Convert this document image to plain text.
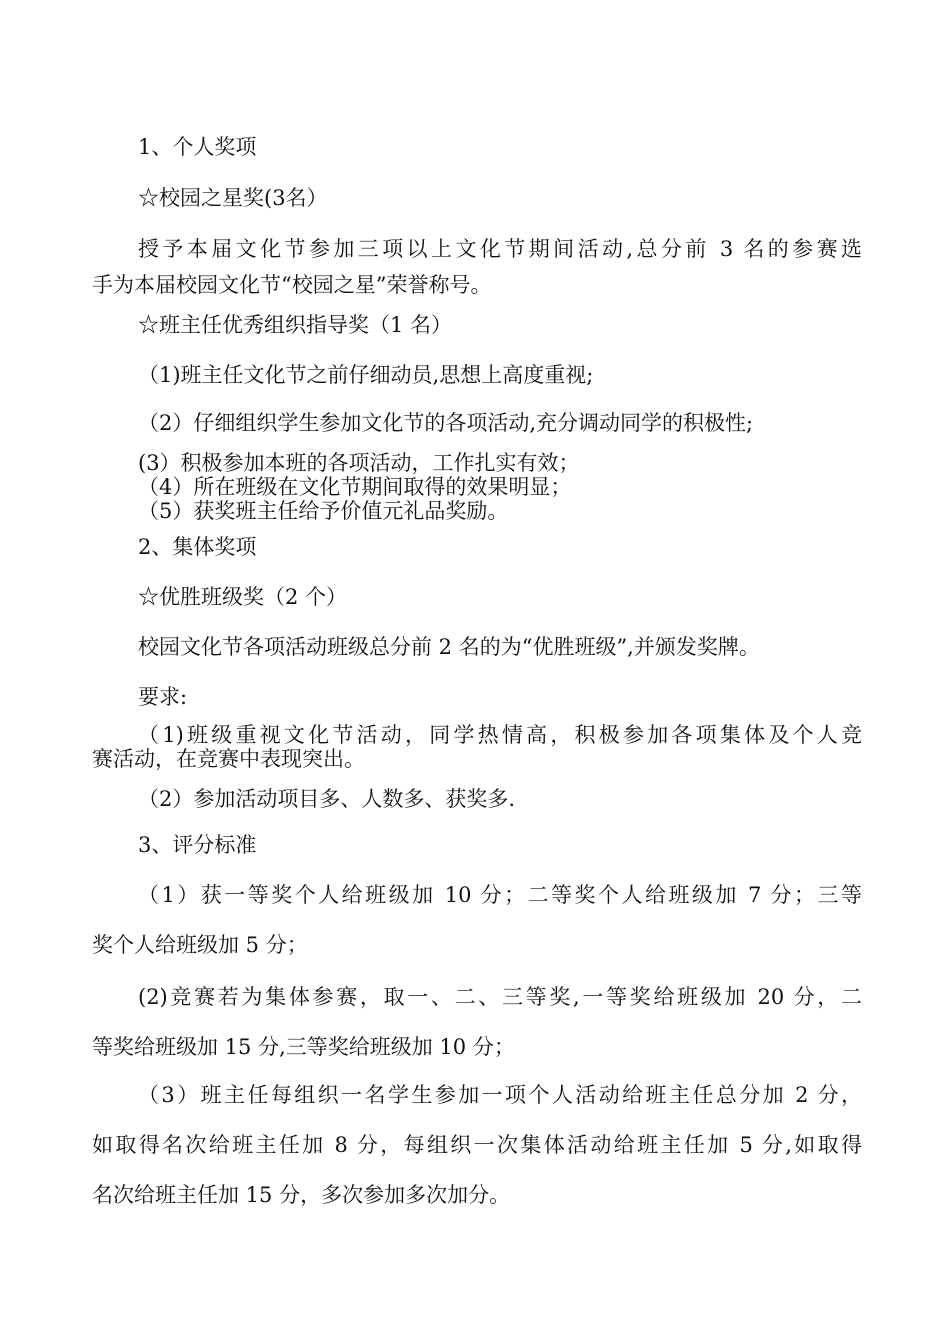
1、个人奖项
☆校园之星奖(3名）
授予本届文化节参加三项以上文化节期间活动,总分前 3 名的参赛选
手为本届校园文化节“校园之星”荣誉称号。
☆班主任优秀组织指导奖（1 名）
（1)班主任文化节之前仔细动员,思想上高度重视;
（2）仔细组织学生参加文化节的各项活动,充分调动同学的积极性;
(3）积极参加本班的各项活动，工作扎实有效；
（4）所在班级在文化节期间取得的效果明显；
（5）获奖班主任给予价值元礼品奖励。
2、集体奖项
☆优胜班级奖（2 个）
校园文化节各项活动班级总分前 2 名的为“优胜班级”,并颁发奖牌。
要求:
（1)班级重视文化节活动，同学热情高，积极参加各项集体及个人竞
赛活动，在竞赛中表现突出。
（2）参加活动项目多、人数多、获奖多.
3、评分标准
（1）获一等奖个人给班级加 10 分；二等奖个人给班级加 7 分；三等
奖个人给班级加 5 分；
(2)竞赛若为集体参赛，取一、二、三等奖,一等奖给班级加 20 分，二
等奖给班级加 15 分,三等奖给班级加 10 分；
（3）班主任每组织一名学生参加一项个人活动给班主任总分加 2 分，
如取得名次给班主任加 8 分，每组织一次集体活动给班主任加 5 分,如取得
名次给班主任加 15 分，多次参加多次加分。
